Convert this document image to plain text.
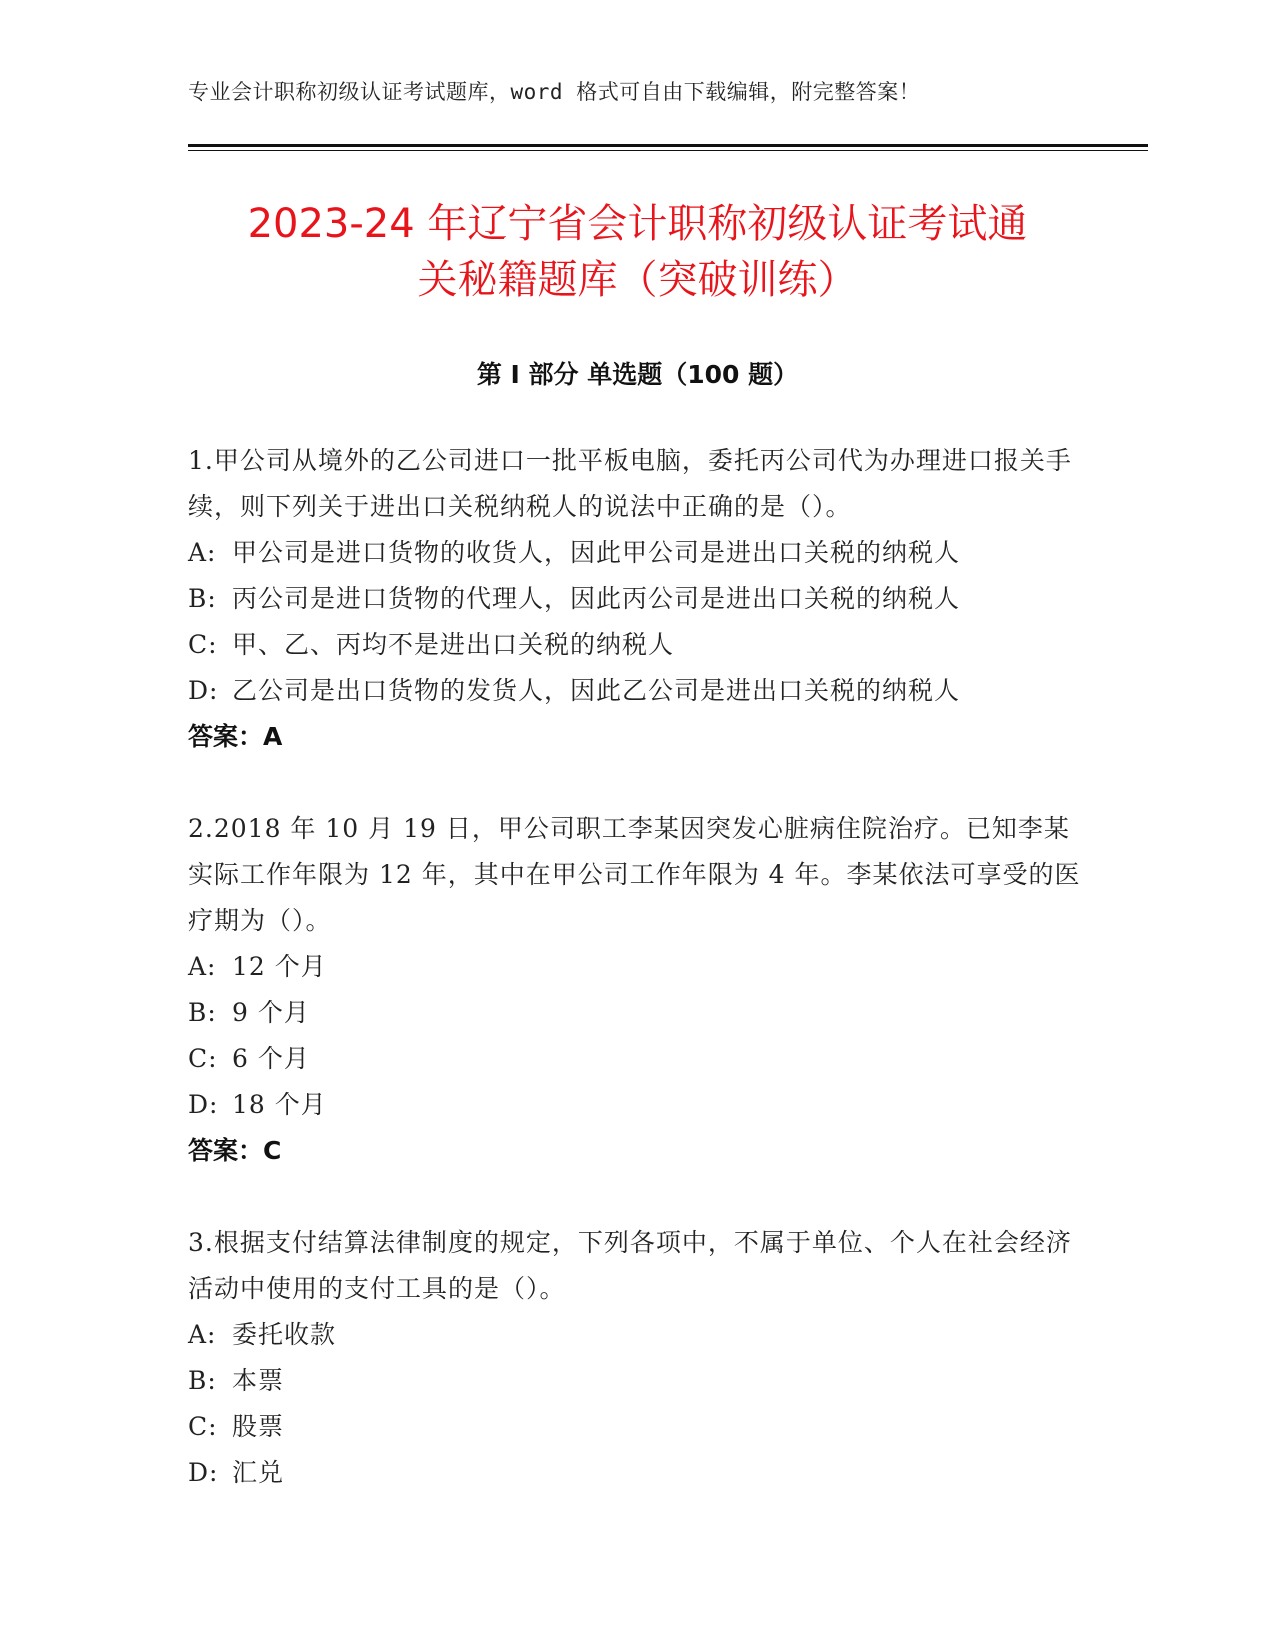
专业会计职称初级认证考试题库，word 格式可自由下载编辑，附完整答案！
2023-24 年辽宁省会计职称初级认证考试通
关秘籍题库（突破训练）
第 I 部分 单选题（100 题）

1.甲公司从境外的乙公司进口一批平板电脑，委托丙公司代为办理进口报关手续，则下列关于进出口关税纳税人的说法中正确的是（）。

A: 甲公司是进口货物的收货人，因此甲公司是进出口关税的纳税人
B: 丙公司是进口货物的代理人，因此丙公司是进出口关税的纳税人
C: 甲、乙、丙均不是进出口关税的纳税人
D: 乙公司是出口货物的发货人，因此乙公司是进出口关税的纳税人
答案：A

2.2018 年 10 月 19 日，甲公司职工李某因突发心脏病住院治疗。已知李某实际工作年限为 12 年，其中在甲公司工作年限为 4 年。李某依法可享受的医疗期为（）。

A: 12 个月
B: 9 个月
C: 6 个月
D: 18 个月
答案：C

3.根据支付结算法律制度的规定，下列各项中，不属于单位、个人在社会经济活动中使用的支付工具的是（）。

A: 委托收款
B: 本票
C: 股票
D: 汇兑
